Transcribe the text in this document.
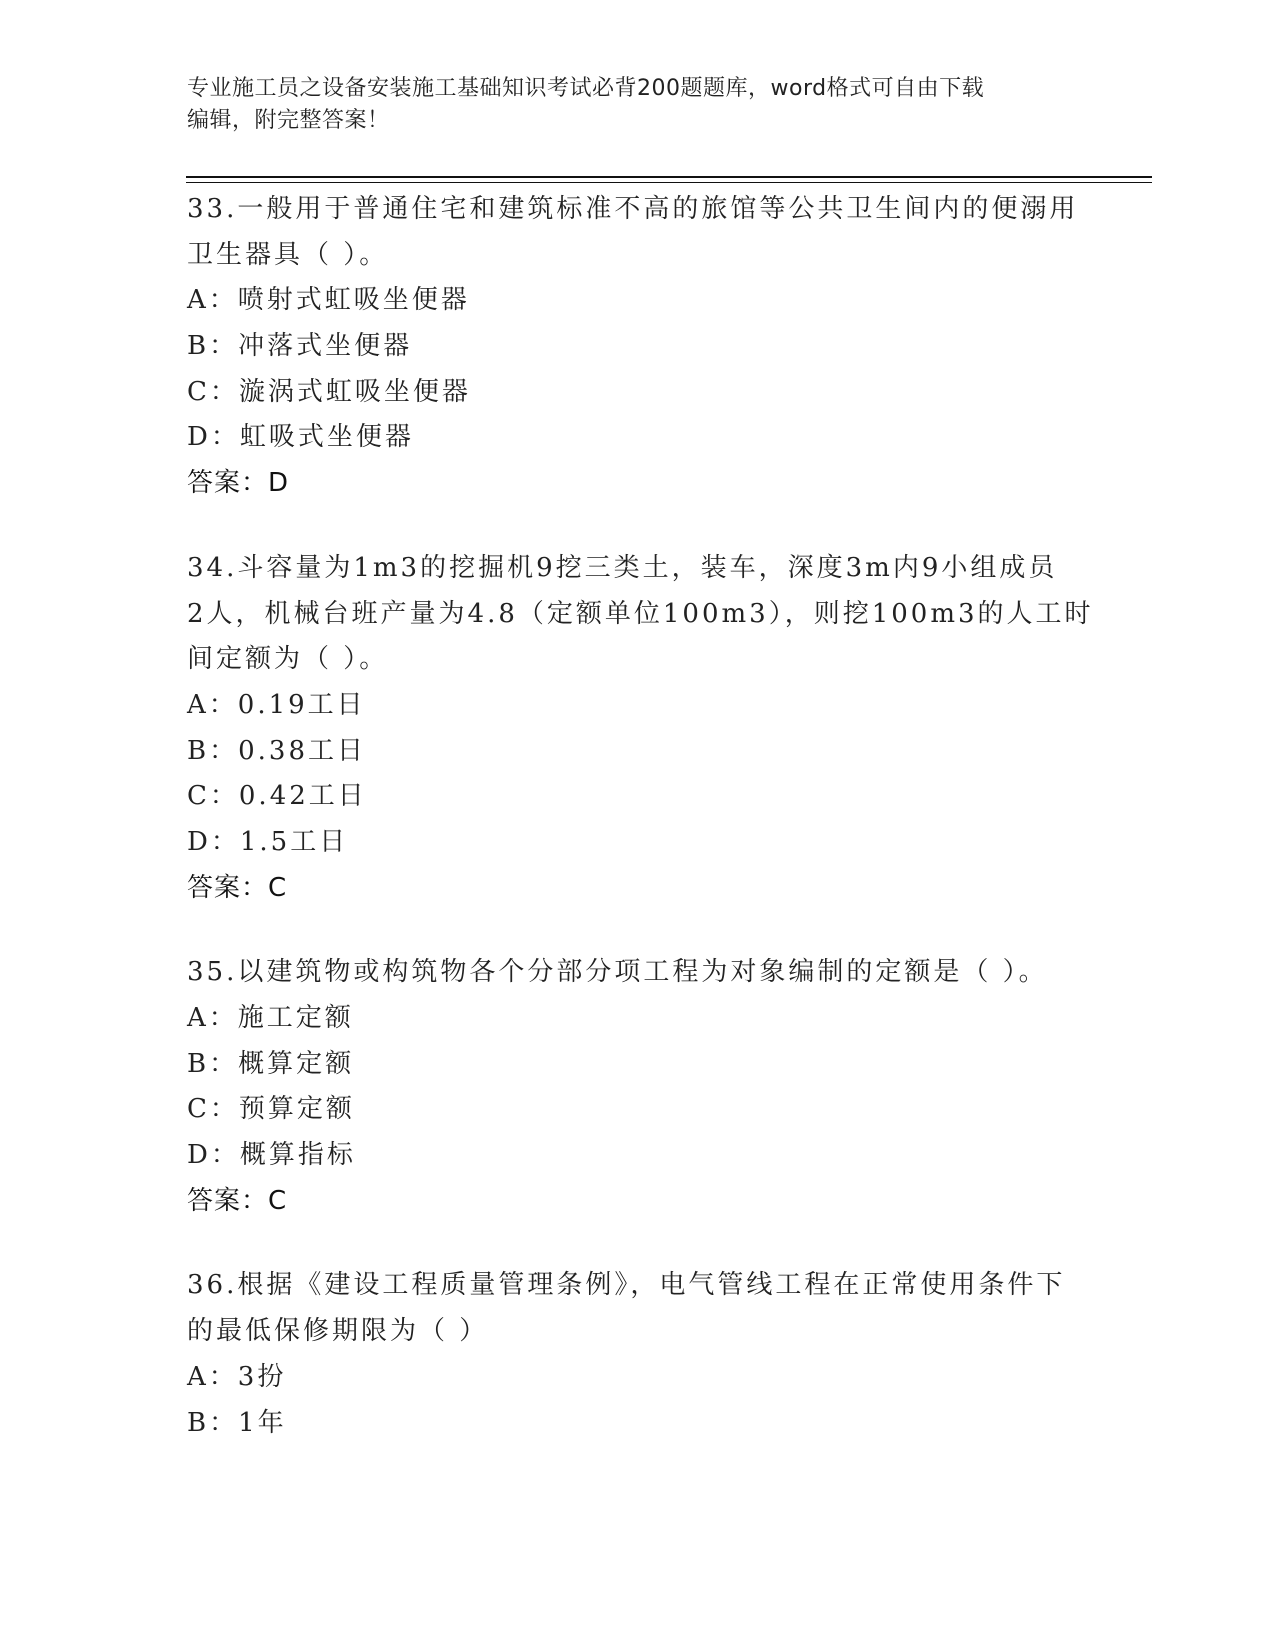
专业施工员之设备安装施工基础知识考试必背200题题库，word格式可自由下载
编辑，附完整答案！
33.一般用于普通住宅和建筑标准不高的旅馆等公共卫生间内的便溺用
卫生器具（ ）。
A：喷射式虹吸坐便器
B：冲落式坐便器
C：漩涡式虹吸坐便器
D：虹吸式坐便器
答案：D
34.斗容量为1m3的挖掘机9挖三类土，装车，深度3m内9小组成员
2人，机械台班产量为4.8（定额单位100m3），则挖100m3的人工时
间定额为（ ）。
A：0.19工日
B：0.38工日
C：0.42工日
D：1.5工日
答案：C
35.以建筑物或构筑物各个分部分项工程为对象编制的定额是（ ）。
A：施工定额
B：概算定额
C：预算定额
D：概算指标
答案：C
36.根据《建设工程质量管理条例》，电气管线工程在正常使用条件下
的最低保修期限为（ ）
A：3扮
B：1年
